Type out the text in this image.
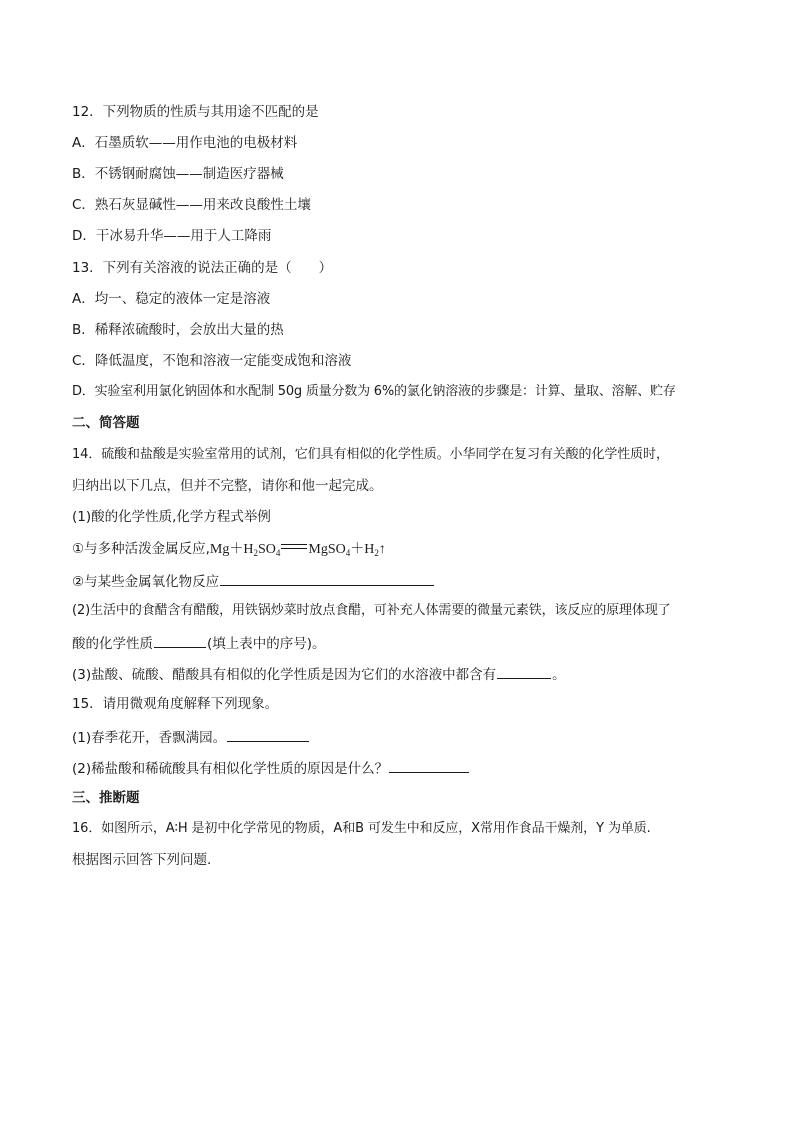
12．下列物质的性质与其用途不匹配的是
A．石墨质软——用作电池的电极材料
B．不锈钢耐腐蚀——制造医疗器械
C．熟石灰显碱性——用来改良酸性土壤
D．干冰易升华——用于人工降雨
13．下列有关溶液的说法正确的是（　　）
A．均一、稳定的液体一定是溶液
B．稀释浓硫酸时，会放出大量的热
C．降低温度，不饱和溶液一定能变成饱和溶液
D．实验室利用氯化钠固体和水配制 50g 质量分数为 6%的氯化钠溶液的步骤是：计算、量取、溶解、贮存
二、简答题
14．硫酸和盐酸是实验室常用的试剂，它们具有相似的化学性质。小华同学在复习有关酸的化学性质时，
归纳出以下几点，但并不完整，请你和他一起完成。
(1)酸的化学性质,化学方程式举例
①与多种活泼金属反应$,Mg+H_2SO_4$ $MgSO_4+H_2↑$
②与某些金属氧化物反应
(2)生活中的食醋含有醋酸，用铁锅炒菜时放点食醋，可补充人体需要的微量元素铁，该反应的原理体现了
酸的化学性质	(填上表中的序号)。
(3)盐酸、硫酸、醋酸具有相似的化学性质是因为它们的水溶液中都含有	。
15．请用微观角度解释下列现象。
(1)春季花开，香飘满园。
(2)稀盐酸和稀硫酸具有相似化学性质的原因是什么？
三、推断题
16．如图所示，A∶H 是初中化学常见的物质，A和B 可发生中和反应，X常用作食品干燥剂，Y 为单质.
根据图示回答下列问题.
